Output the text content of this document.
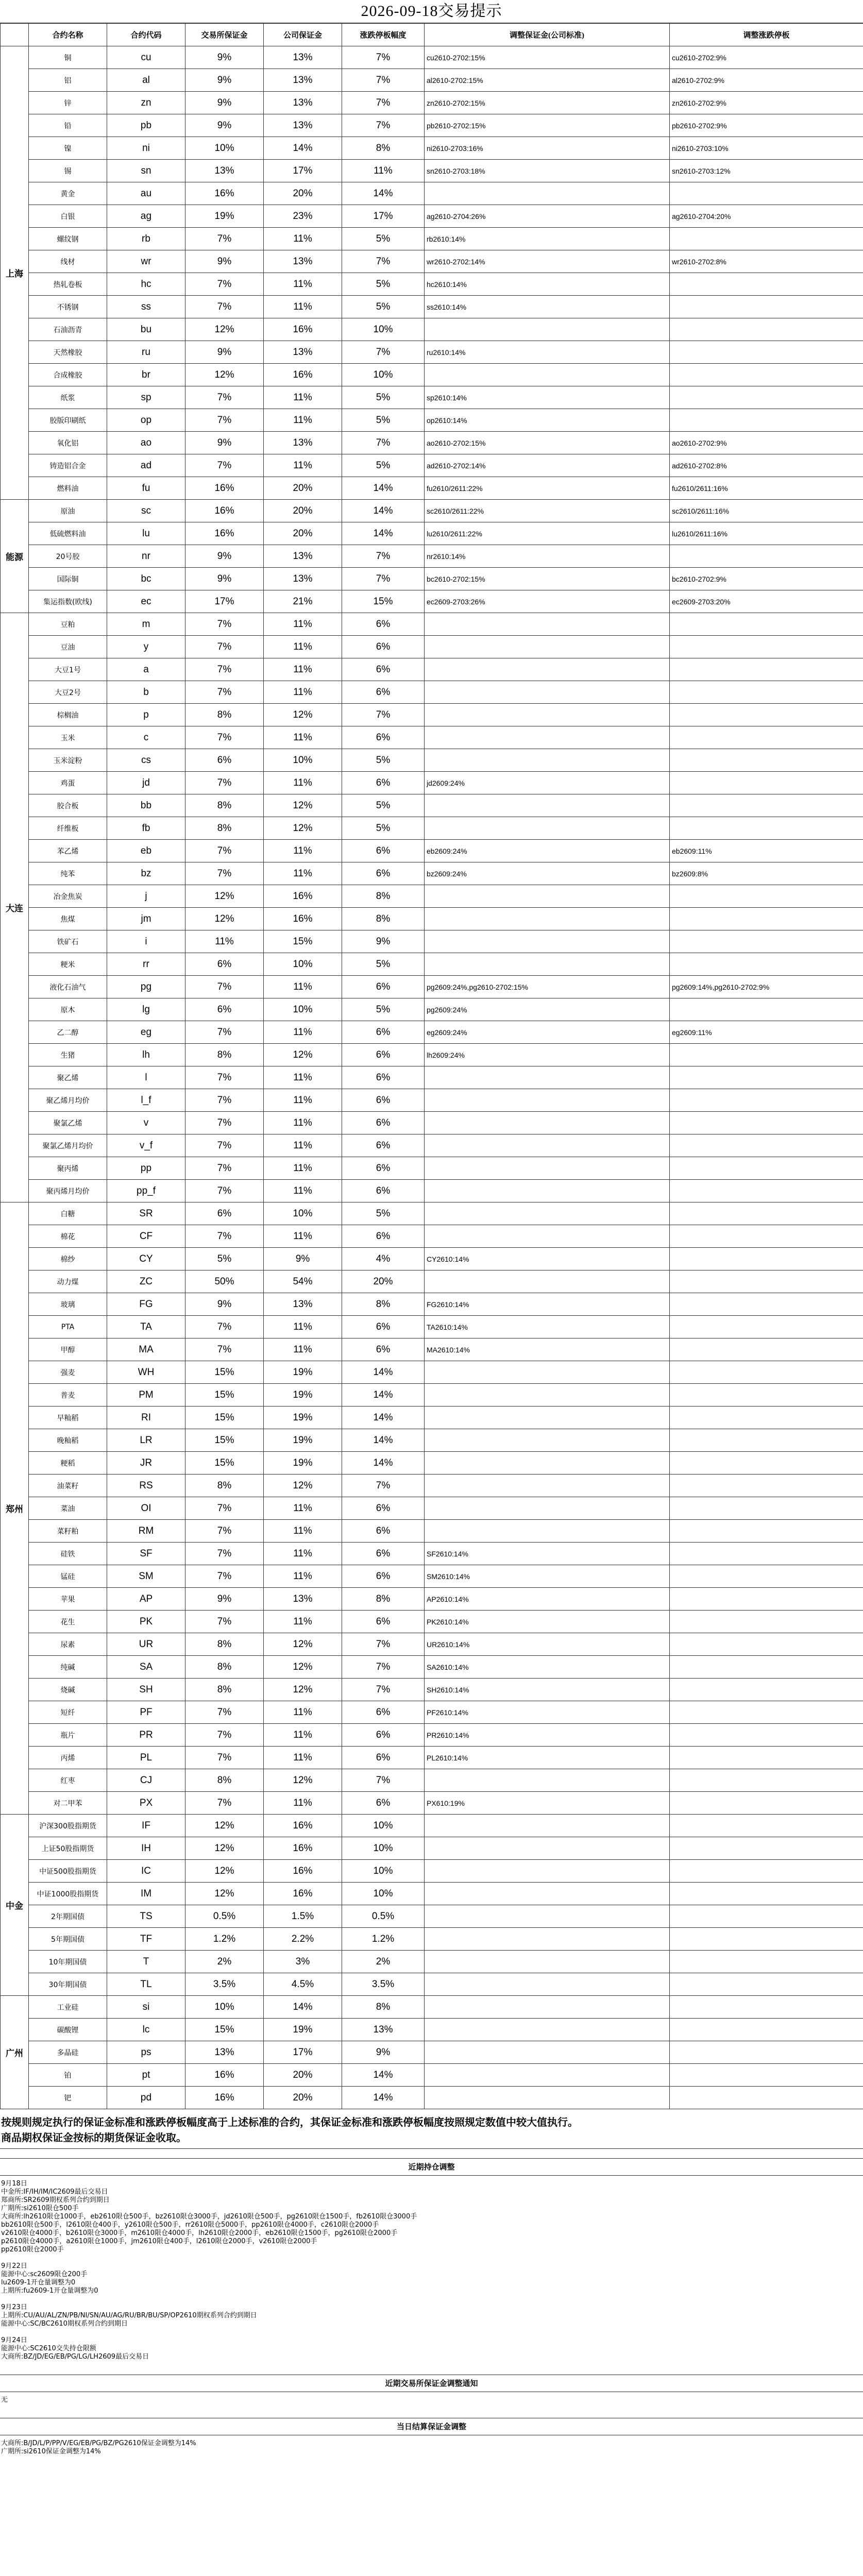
2026-09-18交易提示
	合约名称	合约代码	交易所保证金	公司保证金	涨跌停板幅度	调整保证金(公司标准)	调整涨跌停板
上海	铜	cu	9%	13%	7%	cu2610-2702:15%	cu2610-2702:9%
	铝	al	9%	13%	7%	al2610-2702:15%	al2610-2702:9%
	锌	zn	9%	13%	7%	zn2610-2702:15%	zn2610-2702:9%
	铅	pb	9%	13%	7%	pb2610-2702:15%	pb2610-2702:9%
	镍	ni	10%	14%	8%	ni2610-2703:16%	ni2610-2703:10%
	锡	sn	13%	17%	11%	sn2610-2703:18%	sn2610-2703:12%
	黄金	au	16%	20%	14%		
	白银	ag	19%	23%	17%	ag2610-2704:26%	ag2610-2704:20%
	螺纹钢	rb	7%	11%	5%	rb2610:14%	
	线材	wr	9%	13%	7%	wr2610-2702:14%	wr2610-2702:8%
	热轧卷板	hc	7%	11%	5%	hc2610:14%	
	不锈钢	ss	7%	11%	5%	ss2610:14%	
	石油沥青	bu	12%	16%	10%		
	天然橡胶	ru	9%	13%	7%	ru2610:14%	
	合成橡胶	br	12%	16%	10%		
	纸浆	sp	7%	11%	5%	sp2610:14%	
	胶版印刷纸	op	7%	11%	5%	op2610:14%	
	氧化铝	ao	9%	13%	7%	ao2610-2702:15%	ao2610-2702:9%
	铸造铝合金	ad	7%	11%	5%	ad2610-2702:14%	ad2610-2702:8%
	燃料油	fu	16%	20%	14%	fu2610/2611:22%	fu2610/2611:16%
能源	原油	sc	16%	20%	14%	sc2610/2611:22%	sc2610/2611:16%
	低硫燃料油	lu	16%	20%	14%	lu2610/2611:22%	lu2610/2611:16%
	20号胶	nr	9%	13%	7%	nr2610:14%	
	国际铜	bc	9%	13%	7%	bc2610-2702:15%	bc2610-2702:9%
	集运指数(欧线)	ec	17%	21%	15%	ec2609-2703:26%	ec2609-2703:20%
大连	豆粕	m	7%	11%	6%		
	豆油	y	7%	11%	6%		
	大豆1号	a	7%	11%	6%		
	大豆2号	b	7%	11%	6%		
	棕榈油	p	8%	12%	7%		
	玉米	c	7%	11%	6%		
	玉米淀粉	cs	6%	10%	5%		
	鸡蛋	jd	7%	11%	6%	jd2609:24%	
	胶合板	bb	8%	12%	5%		
	纤维板	fb	8%	12%	5%		
	苯乙烯	eb	7%	11%	6%	eb2609:24%	eb2609:11%
	纯苯	bz	7%	11%	6%	bz2609:24%	bz2609:8%
	冶金焦炭	j	12%	16%	8%		
	焦煤	jm	12%	16%	8%		
	铁矿石	i	11%	15%	9%		
	粳米	rr	6%	10%	5%		
	液化石油气	pg	7%	11%	6%	pg2609:24%,pg2610-2702:15%	pg2609:14%,pg2610-2702:9%
	原木	lg	6%	10%	5%	pg2609:24%	
	乙二醇	eg	7%	11%	6%	eg2609:24%	eg2609:11%
	生猪	lh	8%	12%	6%	lh2609:24%	
	聚乙烯	l	7%	11%	6%		
	聚乙烯月均价	l_f	7%	11%	6%		
	聚氯乙烯	v	7%	11%	6%		
	聚氯乙烯月均价	v_f	7%	11%	6%		
	聚丙烯	pp	7%	11%	6%		
	聚丙烯月均价	pp_f	7%	11%	6%		
郑州	白糖	SR	6%	10%	5%		
	棉花	CF	7%	11%	6%		
	棉纱	CY	5%	9%	4%	CY2610:14%	
	动力煤	ZC	50%	54%	20%		
	玻璃	FG	9%	13%	8%	FG2610:14%	
	PTA	TA	7%	11%	6%	TA2610:14%	
	甲醇	MA	7%	11%	6%	MA2610:14%	
	强麦	WH	15%	19%	14%		
	普麦	PM	15%	19%	14%		
	早籼稻	RI	15%	19%	14%		
	晚籼稻	LR	15%	19%	14%		
	粳稻	JR	15%	19%	14%		
	油菜籽	RS	8%	12%	7%		
	菜油	OI	7%	11%	6%		
	菜籽粕	RM	7%	11%	6%		
	硅铁	SF	7%	11%	6%	SF2610:14%	
	锰硅	SM	7%	11%	6%	SM2610:14%	
	苹果	AP	9%	13%	8%	AP2610:14%	
	花生	PK	7%	11%	6%	PK2610:14%	
	尿素	UR	8%	12%	7%	UR2610:14%	
	纯碱	SA	8%	12%	7%	SA2610:14%	
	烧碱	SH	8%	12%	7%	SH2610:14%	
	短纤	PF	7%	11%	6%	PF2610:14%	
	瓶片	PR	7%	11%	6%	PR2610:14%	
	丙烯	PL	7%	11%	6%	PL2610:14%	
	红枣	CJ	8%	12%	7%		
	对二甲苯	PX	7%	11%	6%	PX610:19%	
中金	沪深300股指期货	IF	12%	16%	10%		
	上证50股指期货	IH	12%	16%	10%		
	中证500股指期货	IC	12%	16%	10%		
	中证1000股指期货	IM	12%	16%	10%		
	2年期国债	TS	0.5%	1.5%	0.5%		
	5年期国债	TF	1.2%	2.2%	1.2%		
	10年期国债	T	2%	3%	2%		
	30年期国债	TL	3.5%	4.5%	3.5%		
广州	工业硅	si	10%	14%	8%		
	碳酸锂	lc	15%	19%	13%		
	多晶硅	ps	13%	17%	9%		
	铂	pt	16%	20%	14%		
	钯	pd	16%	20%	14%		
按规则规定执行的保证金标准和涨跌停板幅度高于上述标准的合约，其保证金标准和涨跌停板幅度按照规定数值中较大值执行。
商品期权保证金按标的期货保证金收取。
近期持仓调整
9月18日
中金所:IF/IH/IM/IC2609最后交易日
郑商所:SR2609期权系列合约到期日
广期所:si2610限仓500手
大商所:lh2610限仓1000手，eb2610限仓500手，bz2610限仓3000手，jd2610限仓500手，pg2610限仓1500手，fb2610限仓3000手
bb2610限仓500手，l2610限仓400手，y2610限仓500手，rr2610限仓5000手，pp2610限仓4000手，c2610限仓2000手
v2610限仓4000手，b2610限仓3000手，m2610限仓4000手，lh2610限仓2000手，eb2610限仓1500手，pg2610限仓2000手
p2610限仓4000手，a2610限仓1000手，jm2610限仓400手，l2610限仓2000手，v2610限仓2000手
pp2610限仓2000手

9月22日
能源中心:sc2609限仓200手
lu2609-1开仓量调整为0
上期所:fu2609-1开仓量调整为0

9月23日
上期所:CU/AU/AL/ZN/PB/NI/SN/AU/AG/RU/BR/BU/SP/OP2610期权系列合约到期日
能源中心:SC/BC2610期权系列合约到期日

9月24日
能源中心:SC2610交失持仓限额
大商所:BZ/JD/EG/EB/PG/LG/LH2609最后交易日
近期交易所保证金调整通知
无
当日结算保证金调整
大商所:B/JD/L/P/PP/V/EG/EB/PG/BZ/PG2610保证金调整为14%
广期所:si2610保证金调整为14%
